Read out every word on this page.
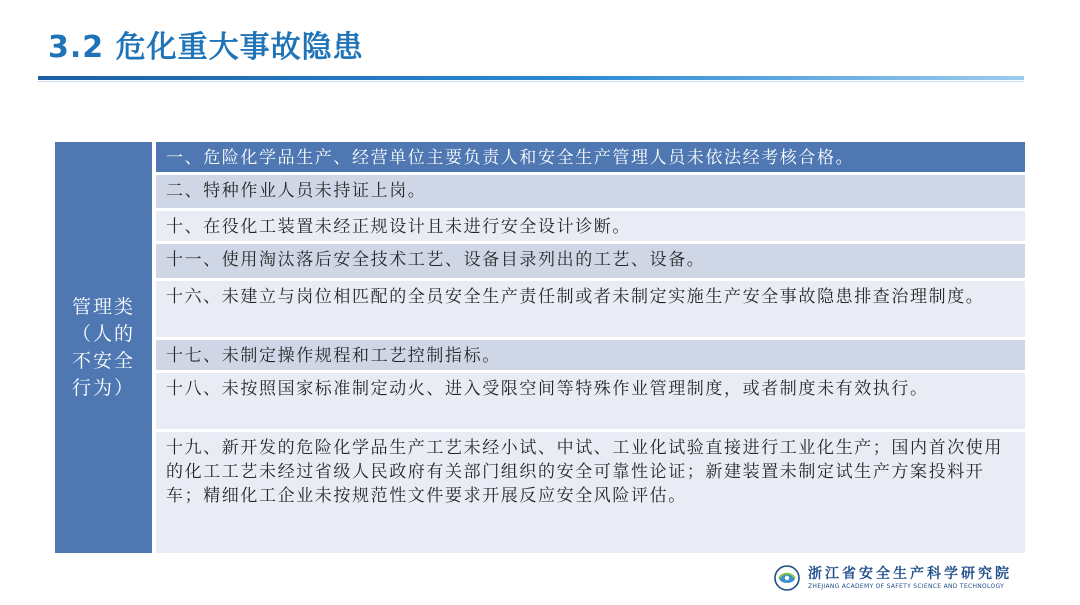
3.2 危化重大事故隐患
管理类（人的不安全行为）
一、危险化学品生产、经营单位主要负责人和安全生产管理人员未依法经考核合格。
二、特种作业人员未持证上岗。
十、在役化工装置未经正规设计且未进行安全设计诊断。
十一、使用淘汰落后安全技术工艺、设备目录列出的工艺、设备。
十六、未建立与岗位相匹配的全员安全生产责任制或者未制定实施生产安全事故隐患排查治理制度。
十七、未制定操作规程和工艺控制指标。
十八、未按照国家标准制定动火、进入受限空间等特殊作业管理制度，或者制度未有效执行。
十九、新开发的危险化学品生产工艺未经小试、中试、工业化试验直接进行工业化生产；国内首次使用的化工工艺未经过省级人民政府有关部门组织的安全可靠性论证；新建装置未制定试生产方案投料开车；精细化工企业未按规范性文件要求开展反应安全风险评估。
浙江省安全生产科学研究院
ZHEJIANG ACADEMY OF SAFETY SCIENCE AND TECHNOLOGY
